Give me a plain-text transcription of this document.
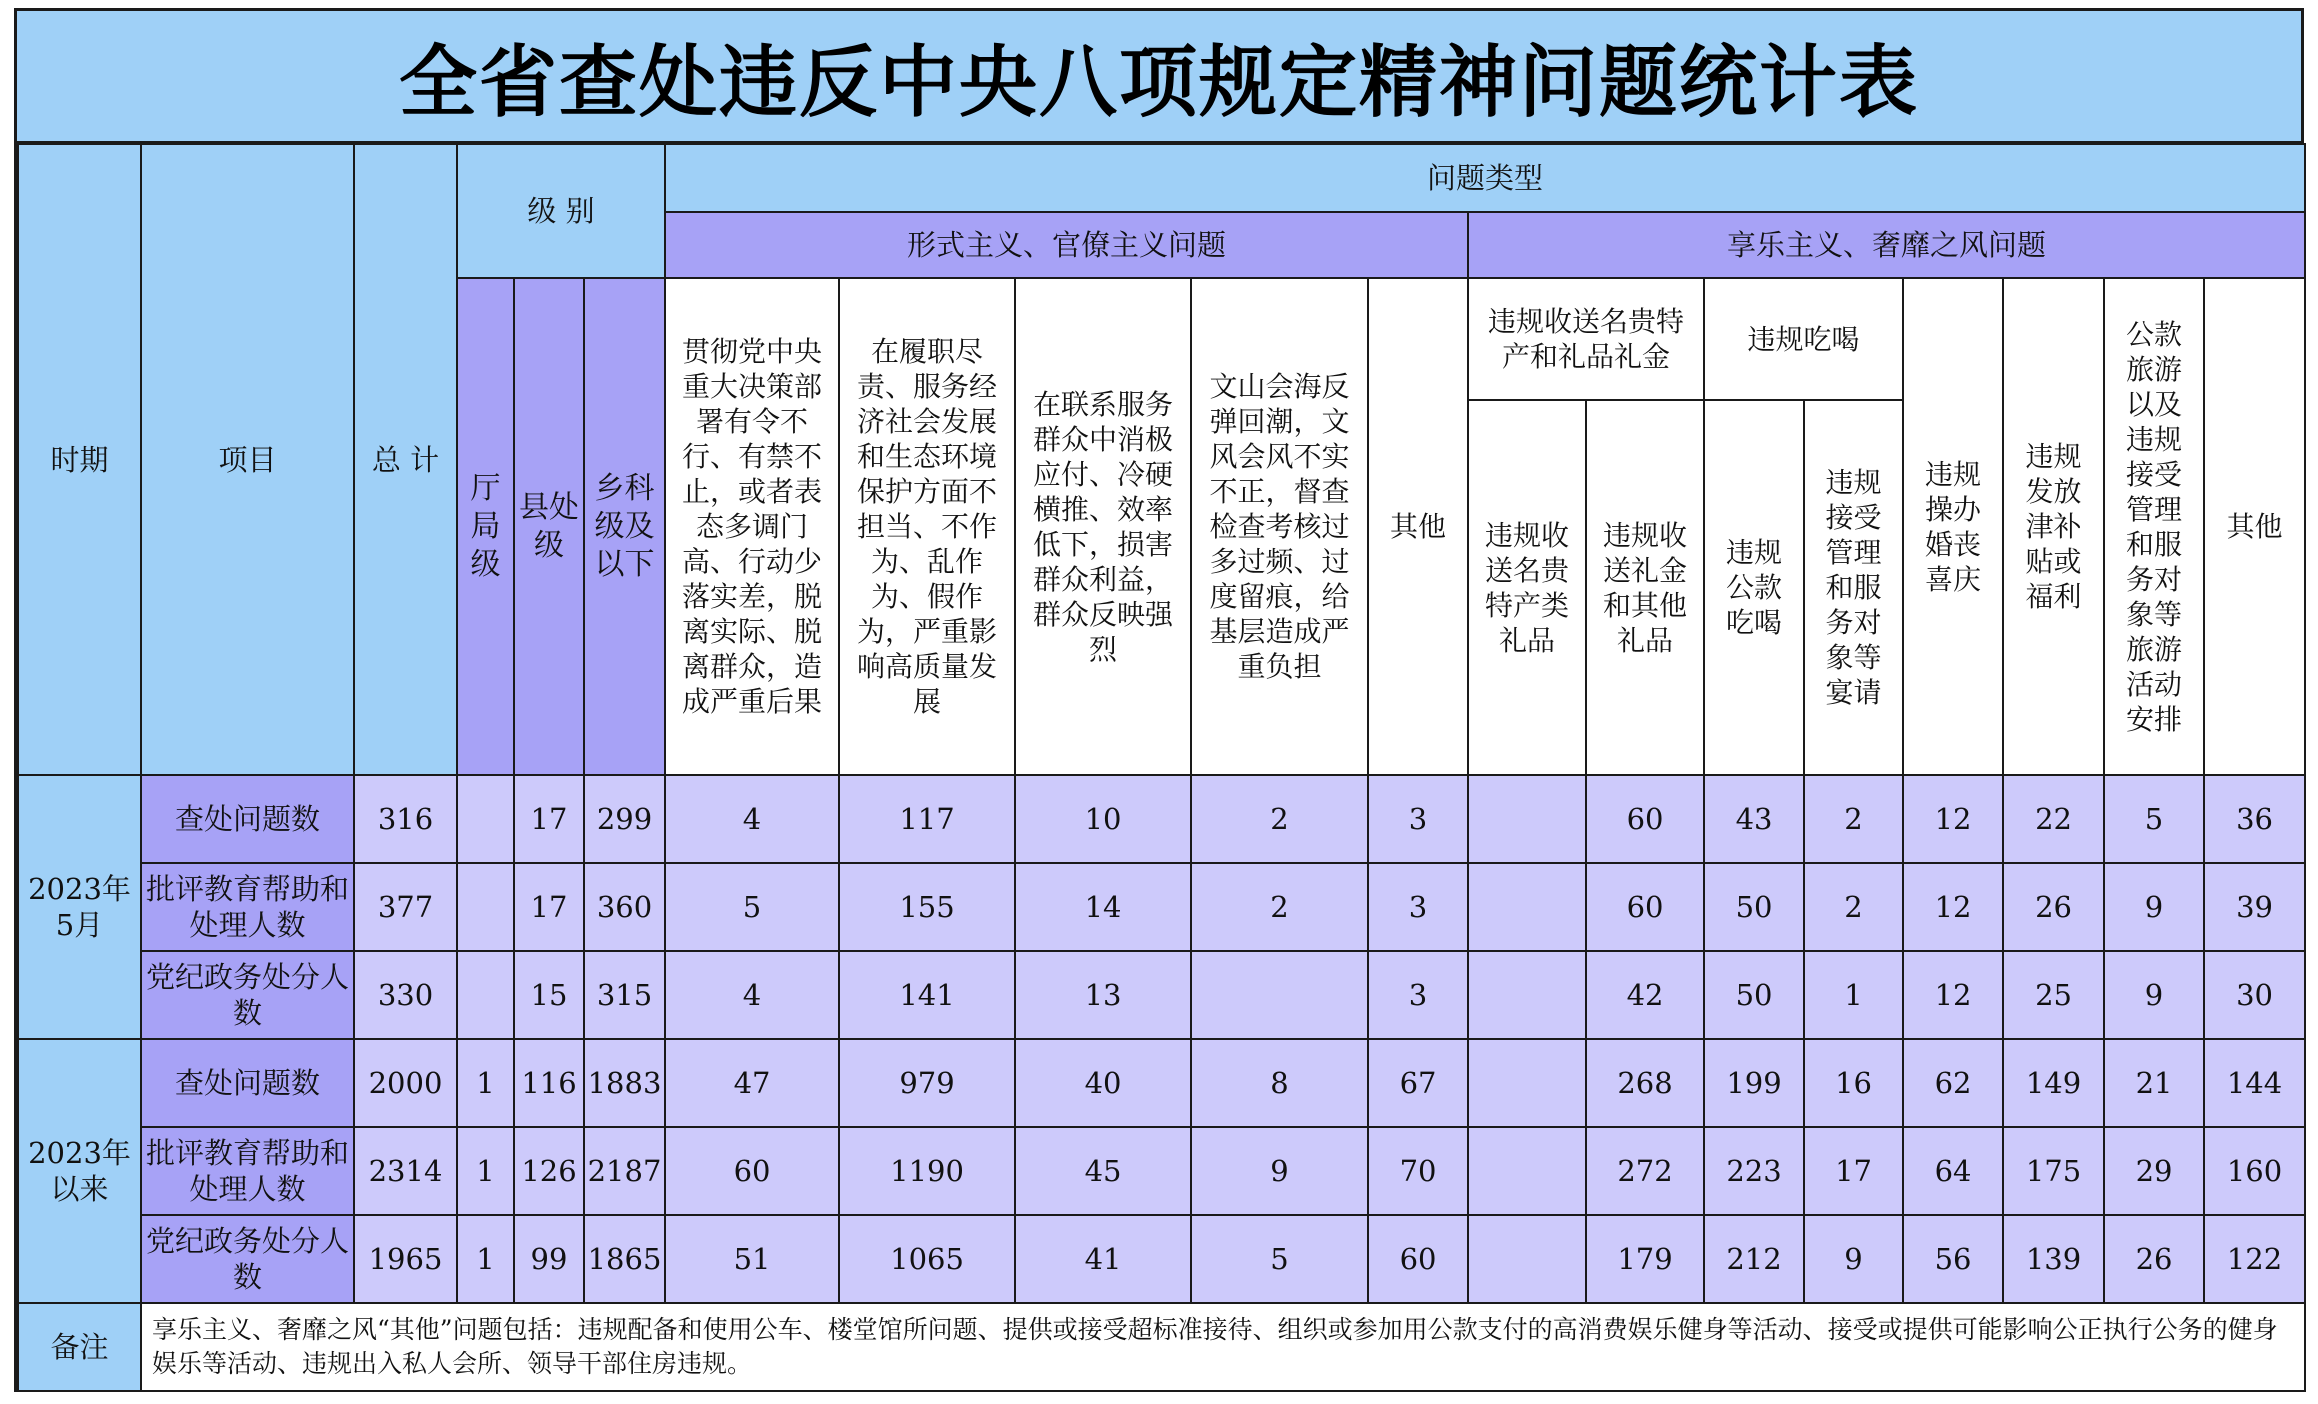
全省查处违反中央八项规定精神问题统计表
时期	项目	总 计	级 别			问题类型												
						形式主义、官僚主义问题					享乐主义、奢靡之风问题							
			厅局级	县处级	乡科级及以下	贯彻党中央重大决策部署有令不行、有禁不止，或者表态多调门高、行动少落实差，脱离实际、脱离群众，造成严重后果	在履职尽责、服务经济社会发展和生态环境保护方面不担当、不作为、乱作为、假作为，严重影响高质量发展	在联系服务群众中消极应付、冷硬横推、效率低下，损害群众利益，群众反映强烈	文山会海反弹回潮，文风会风不实不正，督查检查考核过多过频、过度留痕，给基层造成严重负担	其他	违规收送名贵特产和礼品礼金		违规吃喝		违规操办婚丧喜庆	违规发放津补贴或福利	公款旅游以及违规接受管理和服务对象等旅游活动安排	其他
											违规收送名贵特产类礼品	违规收送礼金和其他礼品	违规公款吃喝	违规接受管理和服务对象等宴请				
2023年5月	查处问题数	316		17	299	4	117	10	2	3		60	43	2	12	22	5	36
	批评教育帮助和处理人数	377		17	360	5	155	14	2	3		60	50	2	12	26	9	39
	党纪政务处分人数	330		15	315	4	141	13		3		42	50	1	12	25	9	30
2023年以来	查处问题数	2000	1	116	1883	47	979	40	8	67		268	199	16	62	149	21	144
	批评教育帮助和处理人数	2314	1	126	2187	60	1190	45	9	70		272	223	17	64	175	29	160
	党纪政务处分人数	1965	1	99	1865	51	1065	41	5	60		179	212	9	56	139	26	122
备注	享乐主义、奢靡之风“其他”问题包括：违规配备和使用公车、楼堂馆所问题、提供或接受超标准接待、组织或参加用公款支付的高消费娱乐健身等活动、接受或提供可能影响公正执行公务的健身娱乐等活动、违规出入私人会所、领导干部住房违规。																	
